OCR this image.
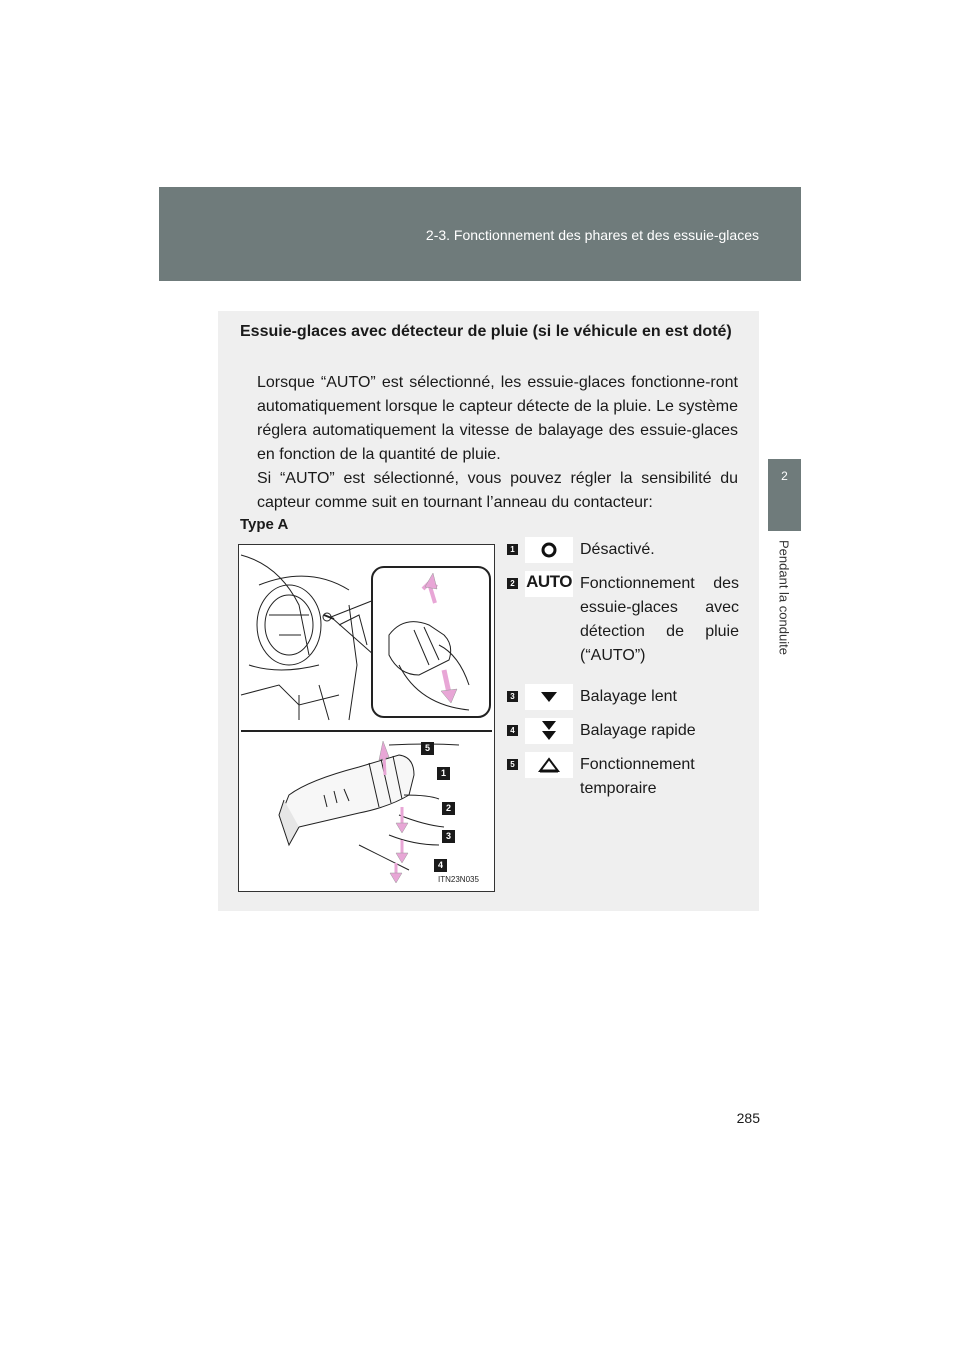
2-3. Fonctionnement des phares et des essuie-glaces
2
Pendant la conduite
Essuie-glaces avec détecteur de pluie (si le véhicule en est doté)

Lorsque “AUTO” est sélectionné, les essuie-glaces fonctionne-ront automatiquement lorsque le capteur détecte de la pluie. Le système réglera automatiquement la vitesse de balayage des essuie-glaces en fonction de la quantité de pluie.

Si “AUTO” est sélectionné, vous pouvez régler la sensibilité du capteur comme suit en tournant l’anneau du contacteur:

Type A
5
1
2
3
4
ITN23N035
1	Désactivé.
2 AUTO Fonctionnement des essuie-glaces avec détection de pluie (“AUTO”)
3	Balayage lent
4	Balayage rapide
5	Fonctionnement temporaire
285
